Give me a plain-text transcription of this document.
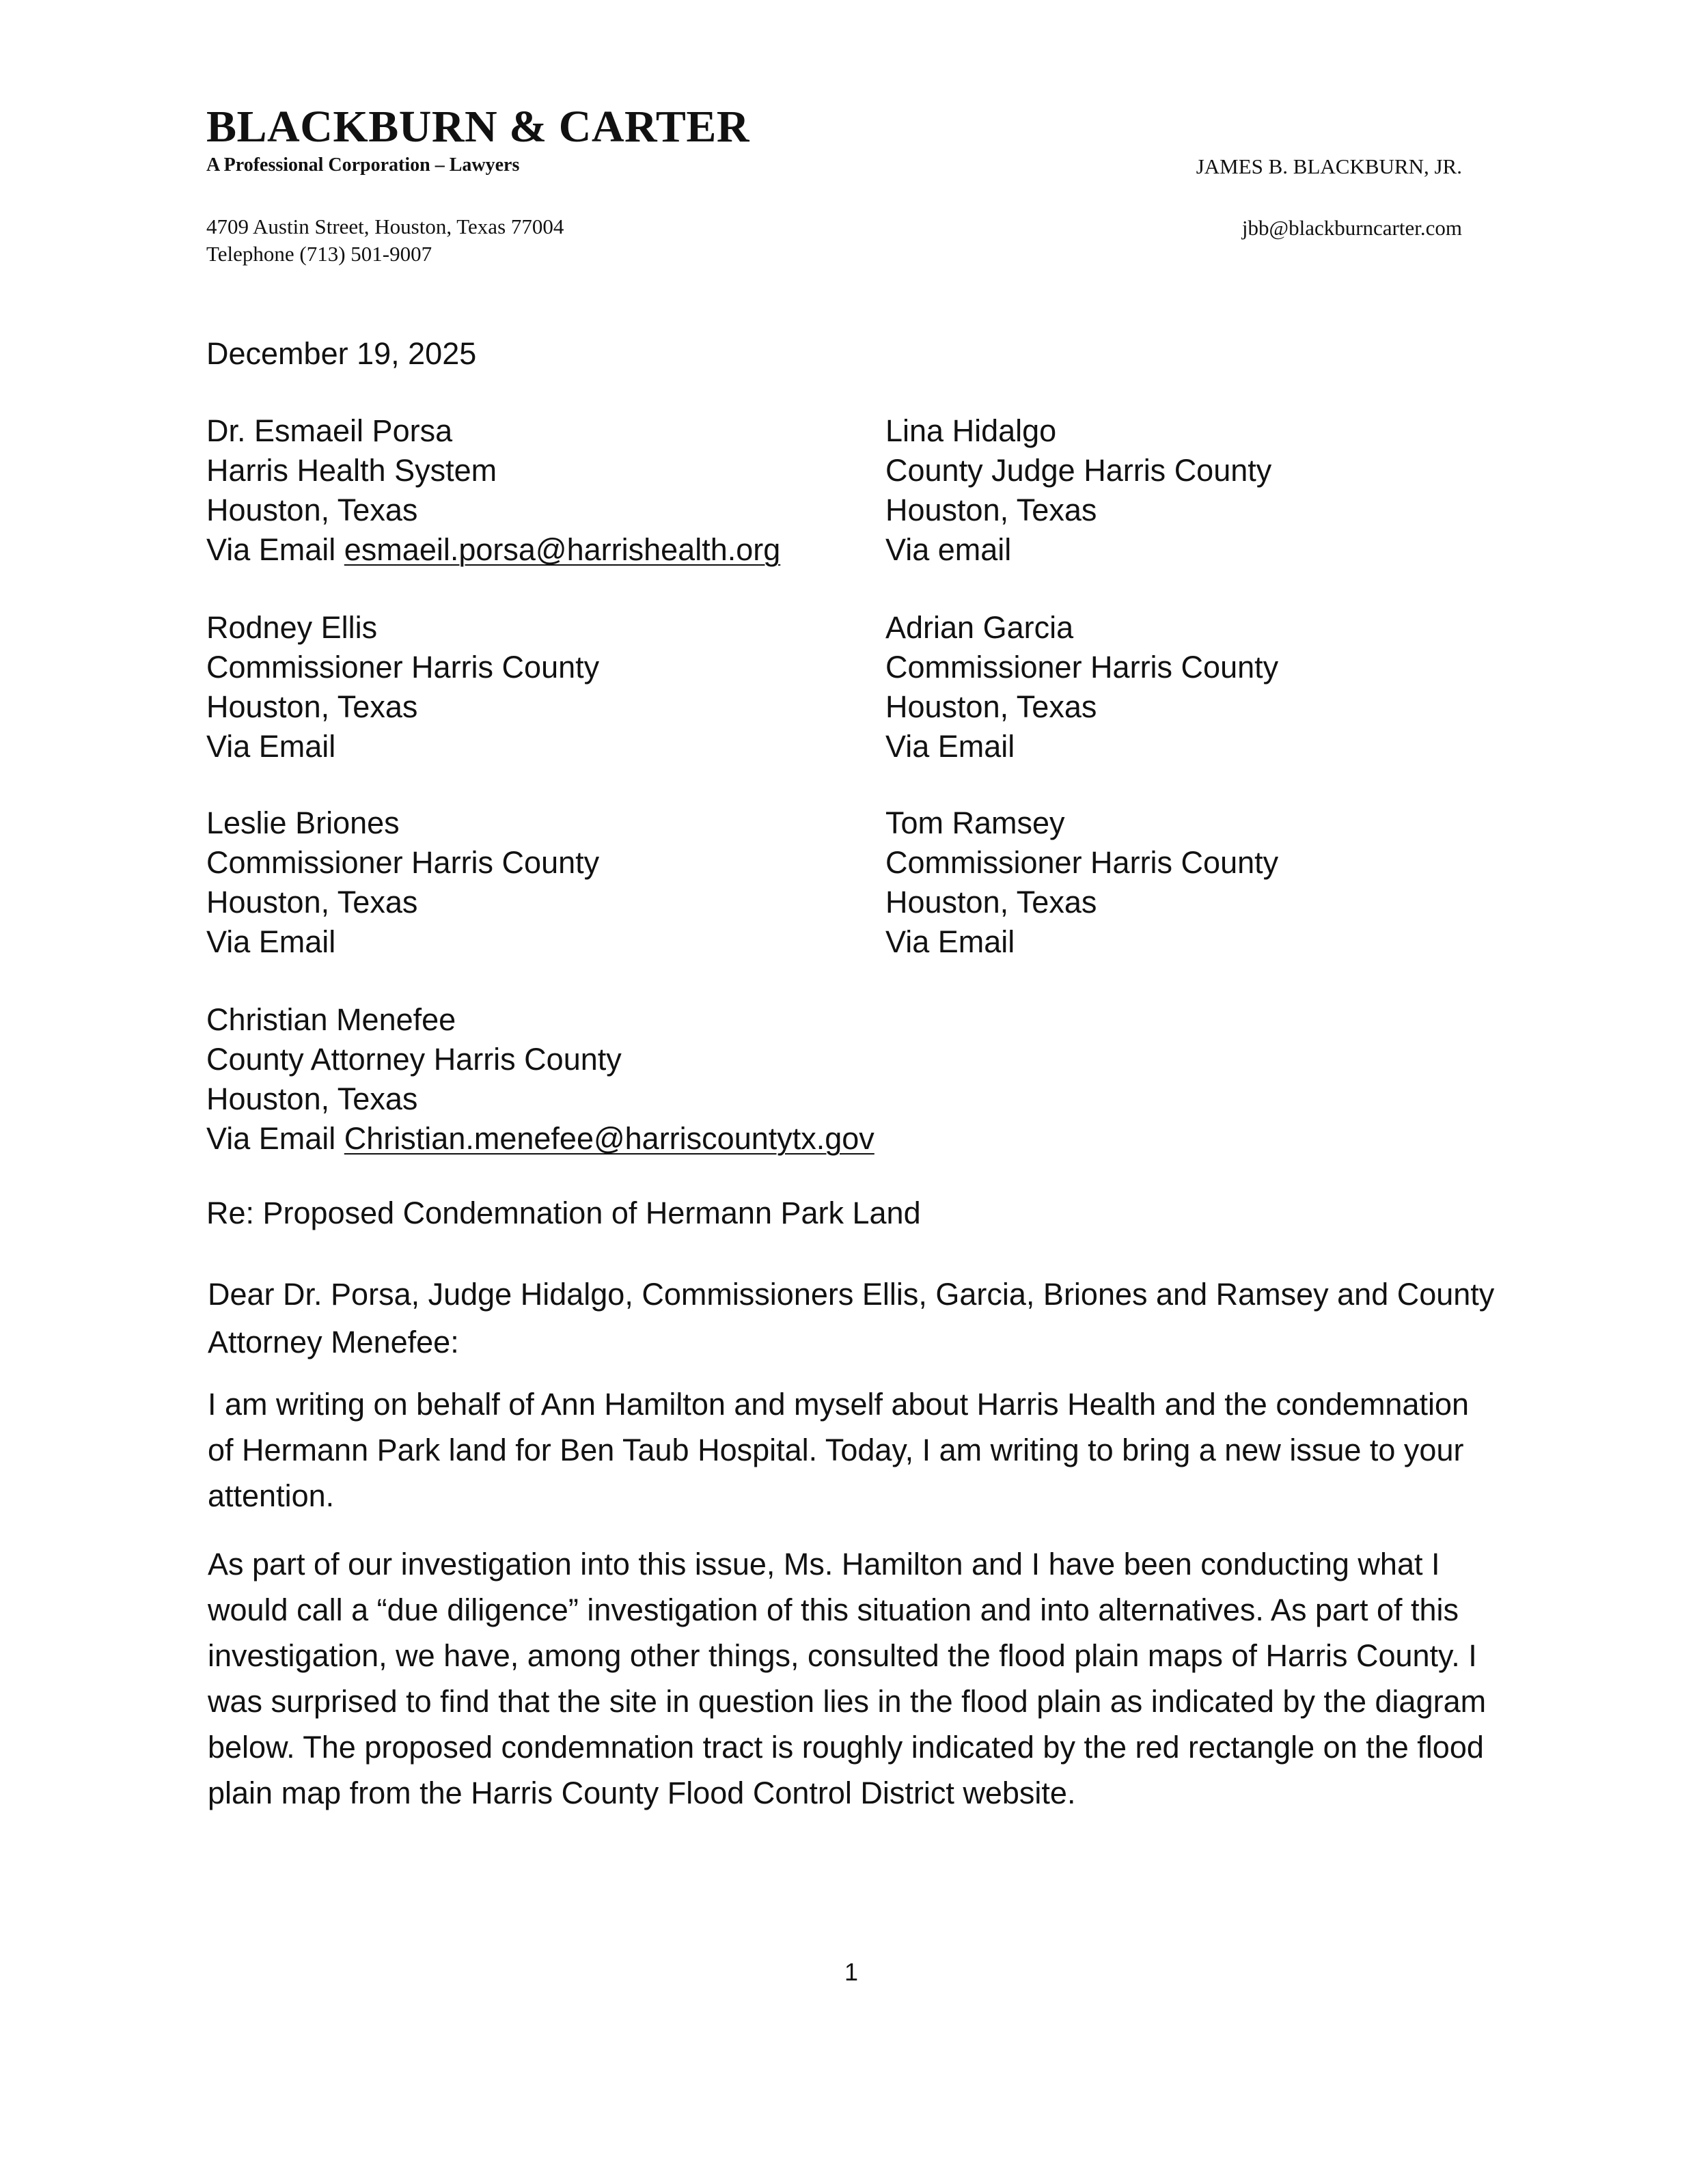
BLACKBURN & CARTER
A Professional Corporation – Lawyers
4709 Austin Street, Houston, Texas 77004
Telephone (713) 501-9007
JAMES B. BLACKBURN, JR.
jbb@blackburncarter.com
December 19, 2025
Dr. Esmaeil Porsa
Harris Health System
Houston, Texas
Via Email esmaeil.porsa@harrishealth.org
Lina Hidalgo
County Judge Harris County
Houston, Texas
Via email
Rodney Ellis
Commissioner Harris County
Houston, Texas
Via Email
Adrian Garcia
Commissioner Harris County
Houston, Texas
Via Email
Leslie Briones
Commissioner Harris County
Houston, Texas
Via Email
Tom Ramsey
Commissioner Harris County
Houston, Texas
Via Email
Christian Menefee
County Attorney Harris County
Houston, Texas
Via Email Christian.menefee@harriscountytx.gov
Re: Proposed Condemnation of Hermann Park Land
Dear Dr. Porsa, Judge Hidalgo, Commissioners Ellis, Garcia, Briones and Ramsey and County Attorney Menefee:
I am writing on behalf of Ann Hamilton and myself about Harris Health and the condemnation of Hermann Park land for Ben Taub Hospital. Today, I am writing to bring a new issue to your attention.
As part of our investigation into this issue, Ms. Hamilton and I have been conducting what I would call a “due diligence” investigation of this situation and into alternatives. As part of this investigation, we have, among other things, consulted the flood plain maps of Harris County. I was surprised to find that the site in question lies in the flood plain as indicated by the diagram below. The proposed condemnation tract is roughly indicated by the red rectangle on the flood plain map from the Harris County Flood Control District website.
1
